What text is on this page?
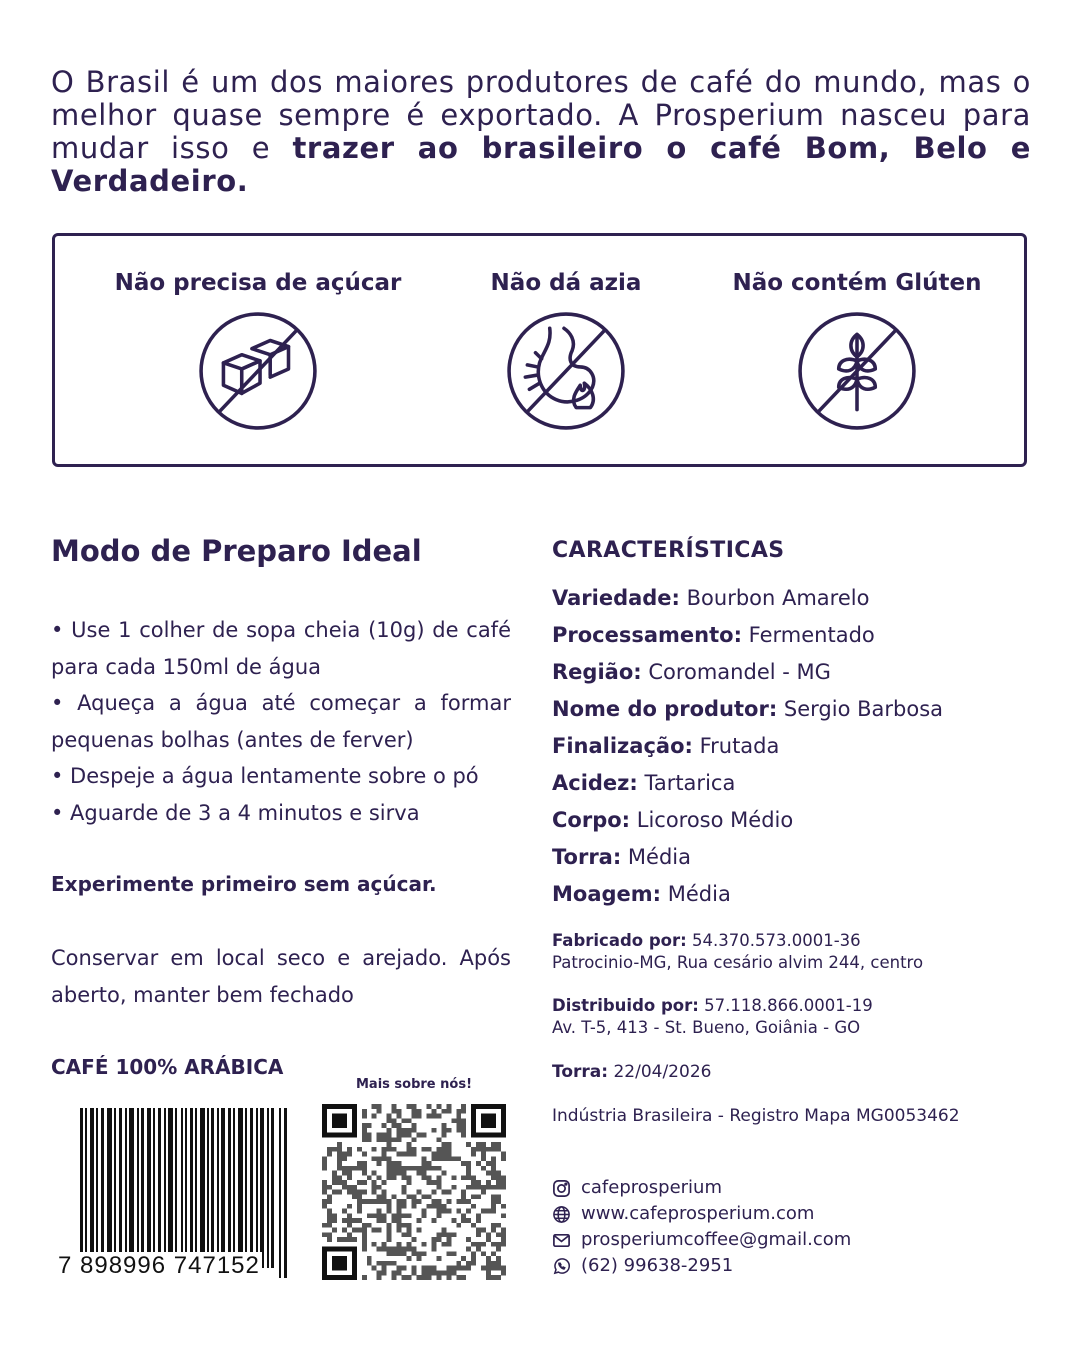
O Brasil é um dos maiores produtores de café do mundo, mas o melhor quase sempre é exportado. A Prosperium nasceu para mudar isso e trazer ao brasileiro o café Bom, Belo e Verdadeiro.

Não precisa de açúcar	Não dá azia	Não contém Glúten
Modo de Preparo Ideal

• Use 1 colher de sopa cheia (10g) de café para cada 150ml de água

• Aqueça a água até começar a formar pequenas bolhas (antes de ferver)

• Despeje a água lentamente sobre o pó

• Aguarde de 3 a 4 minutos e sirva

Experimente primeiro sem açúcar.

Conservar em local seco e arejado. Após aberto, manter bem fechado

CAFÉ 100% ARÁBICA

7 898996 747152

Mais sobre nós!

CARACTERÍSTICAS
Variedade: Bourbon Amarelo
Processamento: Fermentado
Região: Coromandel - MG
Nome do produtor: Sergio Barbosa
Finalização: Frutada
Acidez: Tartarica
Corpo: Licoroso Médio
Torra: Média
Moagem: Média
Fabricado por: 54.370.573.0001-36
Patrocinio-MG, Rua cesário alvim 244, centro
Distribuido por: 57.118.866.0001-19
Av. T-5, 413 - St. Bueno, Goiânia - GO
Torra: 22/04/2026
Indústria Brasileira - Registro Mapa MG0053462
cafeprosperium
www.cafeprosperium.com
prosperiumcoffee@gmail.com
(62) 99638-2951
